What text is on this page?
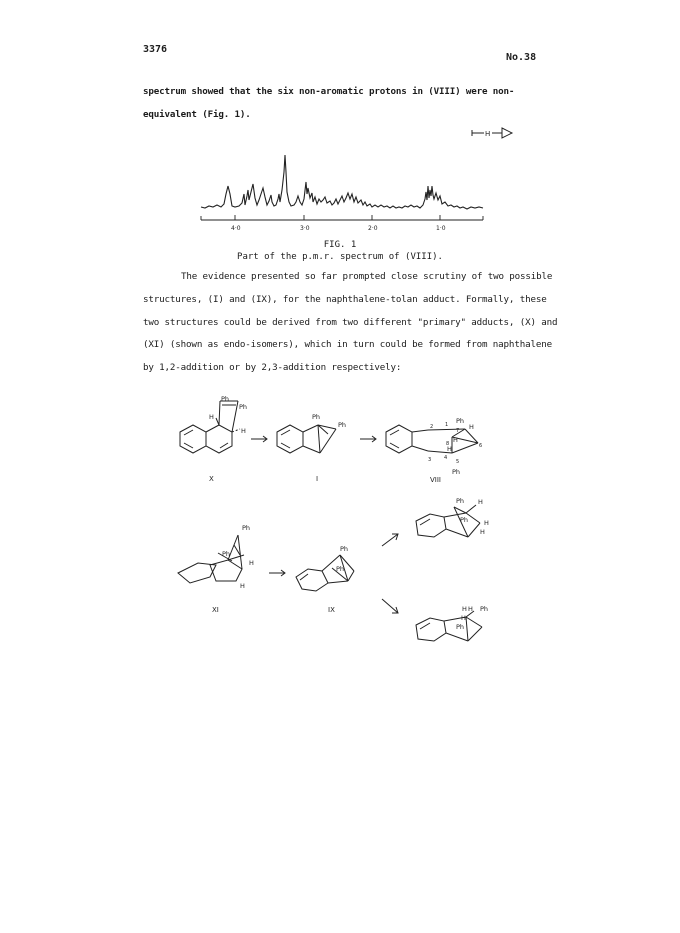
3376
No.38
spectrum showed that the six non-aromatic protons in (VIII) were non-
equivalent (Fig. 1).
H
4·0	3·0	2·0	1·0
FIG. 1
Part of the p.m.r. spectrum of (VIII).
The evidence presented so far prompted close scrutiny of two possible
structures, (I) and (IX), for the naphthalene-tolan adduct. Formally, these
two structures could be derived from two different "primary" adducts, (X) and
(XI) (shown as endo-isomers), which in turn could be formed from naphthalene
by 1,2-addition or by 2,3-addition respectively:
Ph
Ph
H
H
X
Ph
Ph
I
Ph
Ph
2 1
7
6
8
5
4
3
H
H
H
VIII
Ph
Ph
H
H
XI
Ph
Ph
IX
Ph
Ph
H
H
H
H H Ph
H
Ph
